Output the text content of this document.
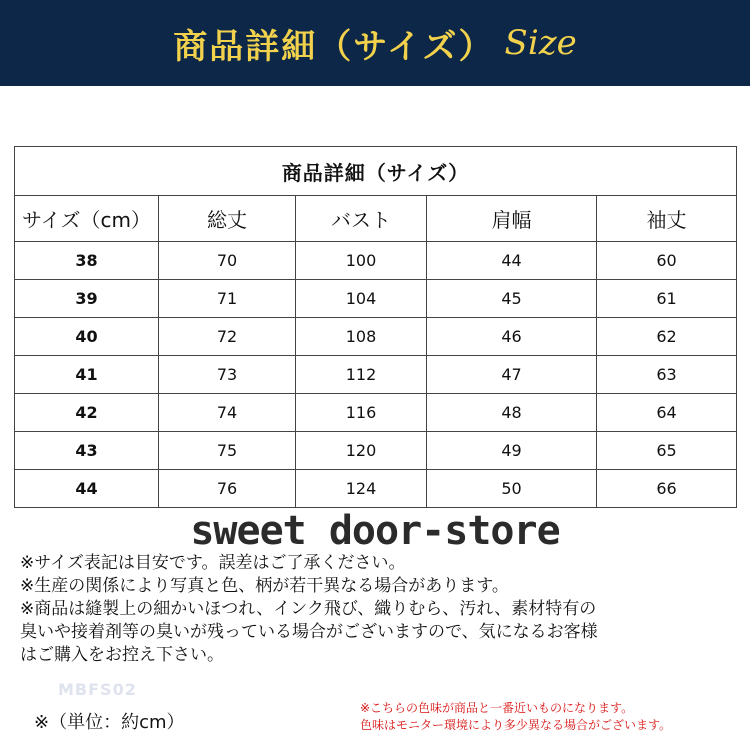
商品詳細（サイズ） Size
商品詳細（サイズ）				
サイズ（cm）	総丈	バスト	肩幅	袖丈
38	70	100	44	60
39	71	104	45	61
40	72	108	46	62
41	73	112	47	63
42	74	116	48	64
43	75	120	49	65
44	76	124	50	66
sweet door-store
※サイズ表記は目安です。誤差はご了承ください。
※生産の関係により写真と色、柄が若干異なる場合があります。
※商品は縫製上の細かいほつれ、インク飛び、織りむら、汚れ、素材特有の
臭いや接着剤等の臭いが残っている場合がございますので、気になるお客様
はご購入をお控え下さい。
MBFS02
※（単位：約cm）
※こちらの色味が商品と一番近いものになります。
色味はモニター環境により多少異なる場合がございます。
